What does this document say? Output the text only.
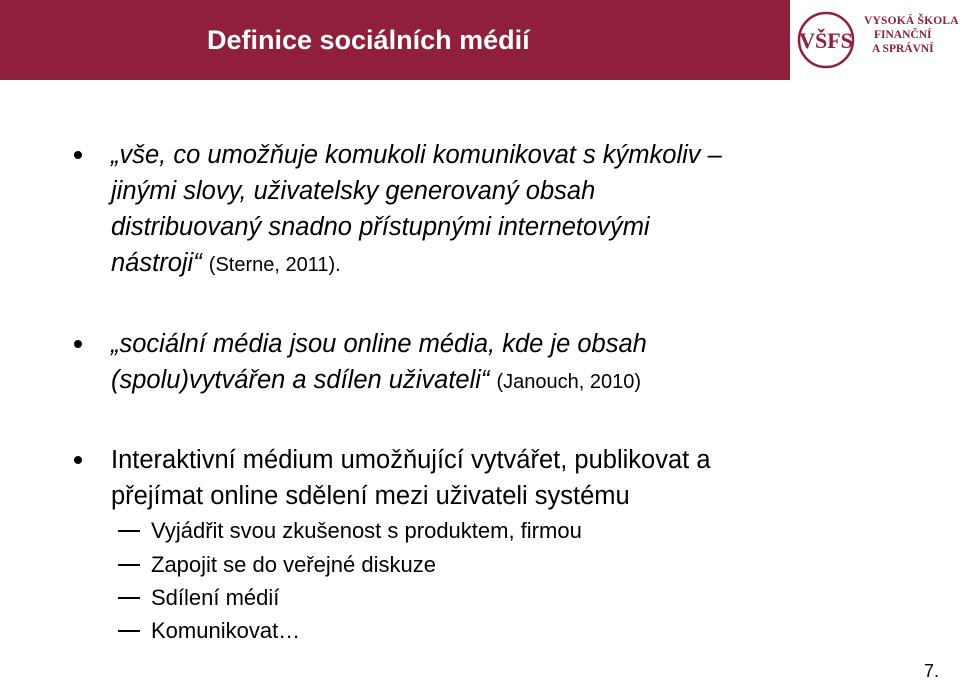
Definice sociálních médií	VŠFS
VYSOKÁ ŠKOLA
FINANČNÍ
A SPRÁVNÍ
„vše, co umožňuje komukoli komunikovat s kýmkoliv –
jinými slovy, uživatelsky generovaný obsah
distribuovaný snadno přístupnými internetovými
nástroji“ (Sterne, 2011).
„sociální média jsou online média, kde je obsah
(spolu)vytvářen a sdílen uživateli“ (Janouch, 2010)
Interaktivní médium umožňující vytvářet, publikovat a
přejímat online sdělení mezi uživateli systému
Vyjádřit svou zkušenost s produktem, firmou
Zapojit se do veřejné diskuze
Sdílení médií
Komunikovat…
7.
